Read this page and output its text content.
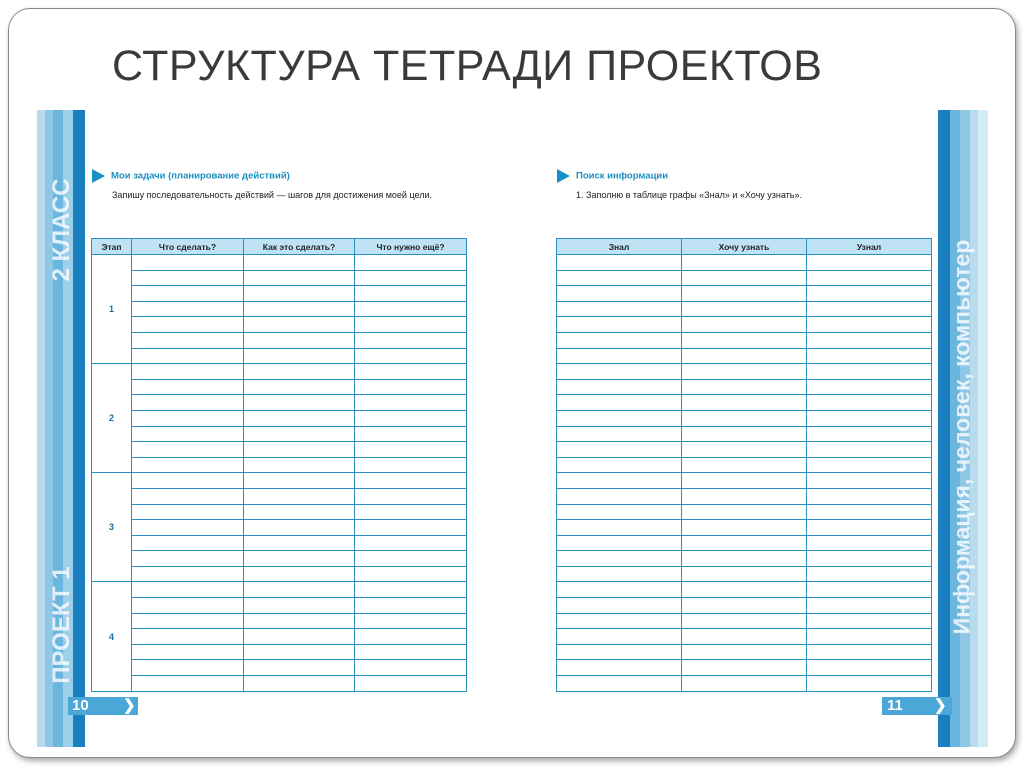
СТРУКТУРА ТЕТРАДИ ПРОЕКТОВ
2 КЛАСС
ПРОЕКТ 1
10 ❯
Информация, человек, компьютер
11 ❯
Мои задачи (планирование действий)
Запишу последовательность действий — шагов для достижения моей цели.
Этап	Что сделать?	Как это сделать?	Что нужно ещё?
1			

2			

3			

4			

Поиск информации
1. Заполню в таблице графы «Знал» и «Хочу узнать».
Знал	Хочу узнать	Узнал
